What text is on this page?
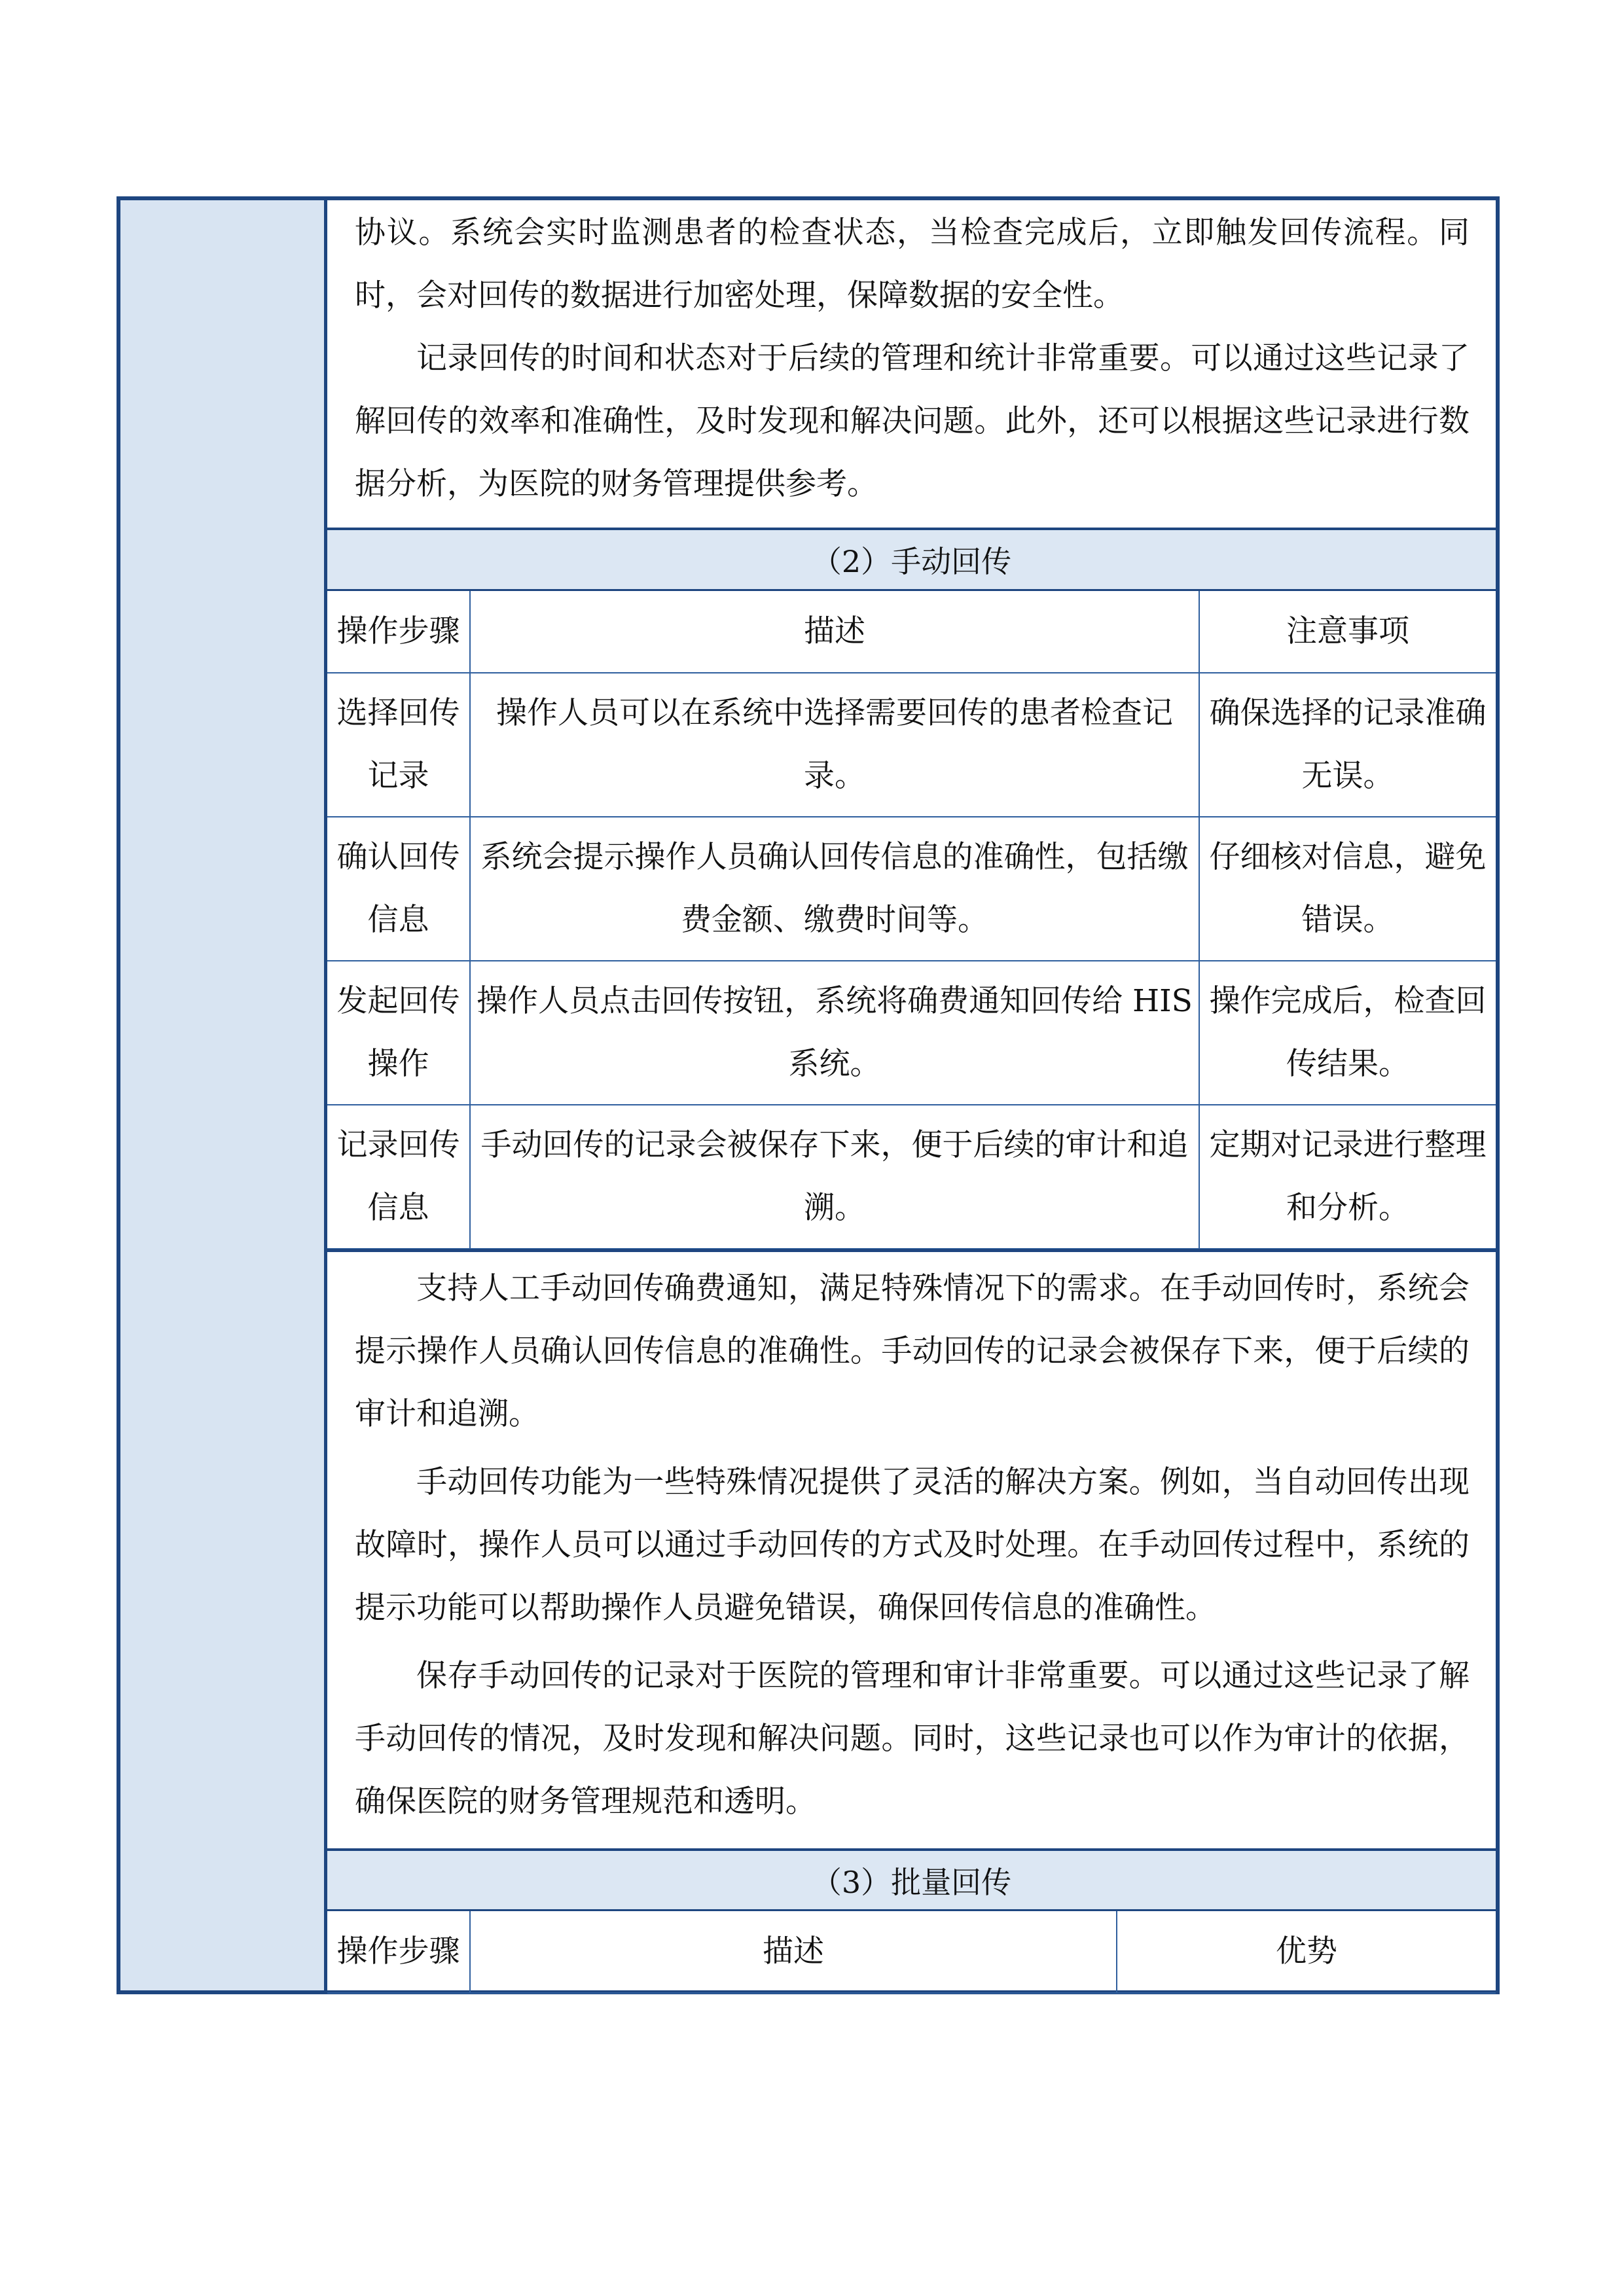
协议。系统会实时监测患者的检查状态，当检查完成后，立即触发回传流程。同时，会对回传的数据进行加密处理，保障数据的安全性。

记录回传的时间和状态对于后续的管理和统计非常重要。可以通过这些记录了解回传的效率和准确性，及时发现和解决问题。此外，还可以根据这些记录进行数据分析，为医院的财务管理提供参考。

（2）手动回传
操作步骤	描述	注意事项
选择回传记录	操作人员可以在系统中选择需要回传的患者检查记录。	确保选择的记录准确无误。
确认回传信息	系统会提示操作人员确认回传信息的准确性，包括缴费金额、缴费时间等。	仔细核对信息，避免错误。
发起回传操作	操作人员点击回传按钮，系统将确费通知回传给 HIS 系统。	操作完成后，检查回传结果。
记录回传信息	手动回传的记录会被保存下来，便于后续的审计和追溯。	定期对记录进行整理和分析。

支持人工手动回传确费通知，满足特殊情况下的需求。在手动回传时，系统会提示操作人员确认回传信息的准确性。手动回传的记录会被保存下来，便于后续的审计和追溯。

手动回传功能为一些特殊情况提供了灵活的解决方案。例如，当自动回传出现故障时，操作人员可以通过手动回传的方式及时处理。在手动回传过程中，系统的提示功能可以帮助操作人员避免错误，确保回传信息的准确性。

保存手动回传的记录对于医院的管理和审计非常重要。可以通过这些记录了解手动回传的情况，及时发现和解决问题。同时，这些记录也可以作为审计的依据，确保医院的财务管理规范和透明。

（3）批量回传
操作步骤	描述	优势
